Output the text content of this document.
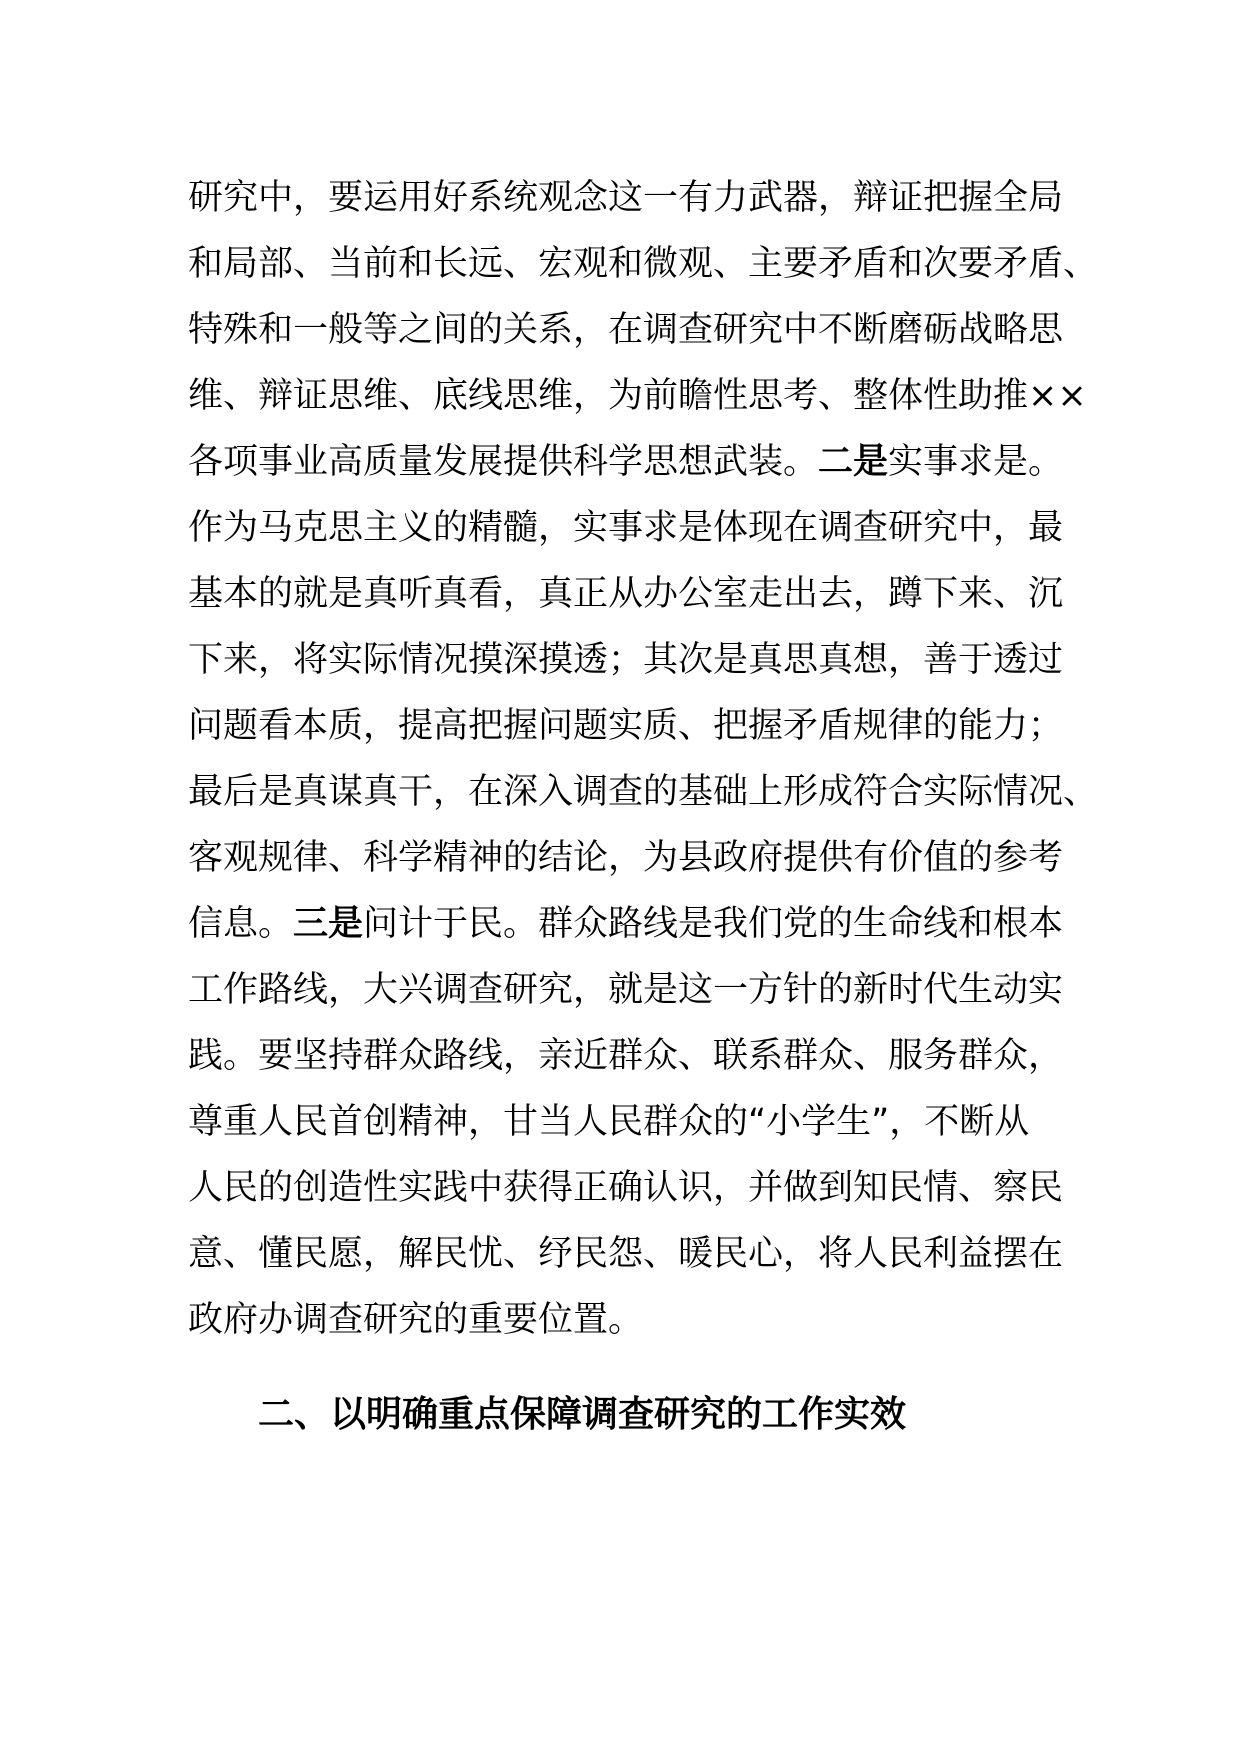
研究中，要运用好系统观念这一有力武器，辩证把握全局
和局部、当前和长远、宏观和微观、主要矛盾和次要矛盾、
特殊和一般等之间的关系，在调查研究中不断磨砺战略思
维、辩证思维、底线思维，为前瞻性思考、整体性助推××
各项事业高质量发展提供科学思想武装。二是实事求是。
作为马克思主义的精髓，实事求是体现在调查研究中，最
基本的就是真听真看，真正从办公室走出去，蹲下来、沉
下来，将实际情况摸深摸透；其次是真思真想，善于透过
问题看本质，提高把握问题实质、把握矛盾规律的能力；
最后是真谋真干，在深入调查的基础上形成符合实际情况、
客观规律、科学精神的结论，为县政府提供有价值的参考
信息。三是问计于民。群众路线是我们党的生命线和根本
工作路线，大兴调查研究，就是这一方针的新时代生动实
践。要坚持群众路线，亲近群众、联系群众、服务群众，
尊重人民首创精神，甘当人民群众的“小学生”，不断从
人民的创造性实践中获得正确认识，并做到知民情、察民
意、懂民愿，解民忧、纾民怨、暖民心，将人民利益摆在
政府办调查研究的重要位置。
二、以明确重点保障调查研究的工作实效
